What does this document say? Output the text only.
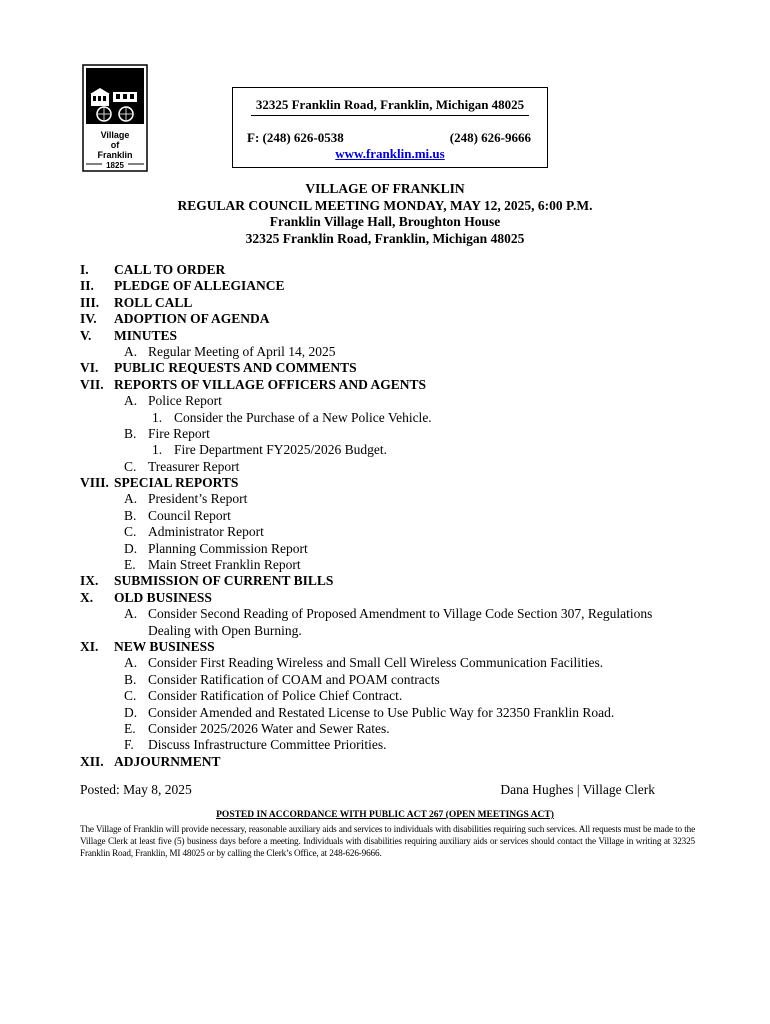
Village
of
Franklin
1825
32325 Franklin Road, Franklin, Michigan 48025
F: (248) 626-0538	(248) 626-9666
www.franklin.mi.us
VILLAGE OF FRANKLIN
REGULAR COUNCIL MEETING MONDAY, MAY 12, 2025, 6:00 P.M.
Franklin Village Hall, Broughton House
32325 Franklin Road, Franklin, Michigan 48025
I. CALL TO ORDER
II. PLEDGE OF ALLEGIANCE
III. ROLL CALL
IV. ADOPTION OF AGENDA
V. MINUTES
A. Regular Meeting of April 14, 2025
VI. PUBLIC REQUESTS AND COMMENTS
VII. REPORTS OF VILLAGE OFFICERS AND AGENTS
A. Police Report
1. Consider the Purchase of a New Police Vehicle.
B. Fire Report
1. Fire Department FY2025/2026 Budget.
C. Treasurer Report
VIII. SPECIAL REPORTS
A. President’s Report
B. Council Report
C. Administrator Report
D. Planning Commission Report
E. Main Street Franklin Report
IX. SUBMISSION OF CURRENT BILLS
X. OLD BUSINESS
A. Consider Second Reading of Proposed Amendment to Village Code Section 307, Regulations
Dealing with Open Burning.
XI. NEW BUSINESS
A. Consider First Reading Wireless and Small Cell Wireless Communication Facilities.
B. Consider Ratification of COAM and POAM contracts
C. Consider Ratification of Police Chief Contract.
D. Consider Amended and Restated License to Use Public Way for 32350 Franklin Road.
E. Consider 2025/2026 Water and Sewer Rates.
F. Discuss Infrastructure Committee Priorities.
XII. ADJOURNMENT
Posted: May 8, 2025	Dana Hughes | Village Clerk
POSTED IN ACCORDANCE WITH PUBLIC ACT 267 (OPEN MEETINGS ACT)
The Village of Franklin will provide necessary, reasonable auxiliary aids and services to individuals with disabilities requiring such services. All requests must be made to the Village Clerk at least five (5) business days before a meeting. Individuals with disabilities requiring auxiliary aids or services should contact the Village in writing at 32325 Franklin Road, Franklin, MI 48025 or by calling the Clerk’s Office, at 248-626-9666.
